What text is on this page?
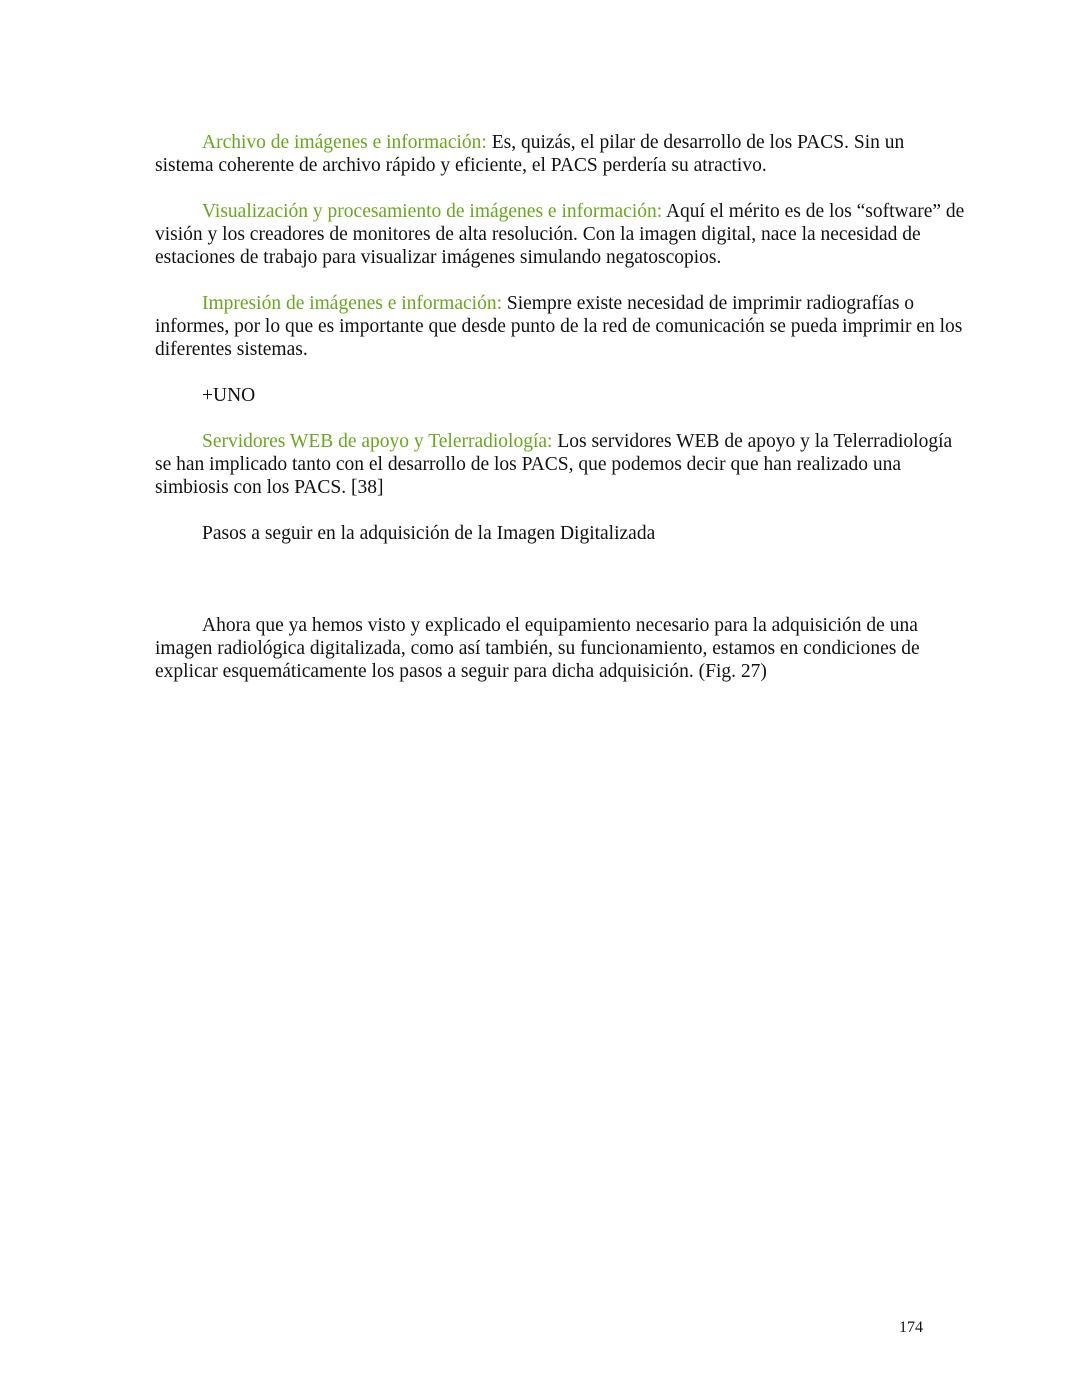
Archivo de imágenes e información: Es, quizás, el pilar de desarrollo de los PACS. Sin un sistema coherente de archivo rápido y eficiente, el PACS perdería su atractivo.

Visualización y procesamiento de imágenes e información: Aquí el mérito es de los “software” de visión y los creadores de monitores de alta resolución. Con la imagen digital, nace la necesidad de estaciones de trabajo para visualizar imágenes simulando negatoscopios.

Impresión de imágenes e información: Siempre existe necesidad de imprimir radiografías o informes, por lo que es importante que desde punto de la red de comunicación se pueda imprimir en los diferentes sistemas.

+UNO

Servidores WEB de apoyo y Telerradiología: Los servidores WEB de apoyo y la Telerradiología se han implicado tanto con el desarrollo de los PACS, que podemos decir que han realizado una simbiosis con los PACS. [38]

Pasos a seguir en la adquisición de la Imagen Digitalizada

Ahora que ya hemos visto y explicado el equipamiento necesario para la adquisición de una imagen radiológica digitalizada, como así también, su funcionamiento, estamos en condiciones de explicar esquemáticamente los pasos a seguir para dicha adquisición. (Fig. 27)

174
